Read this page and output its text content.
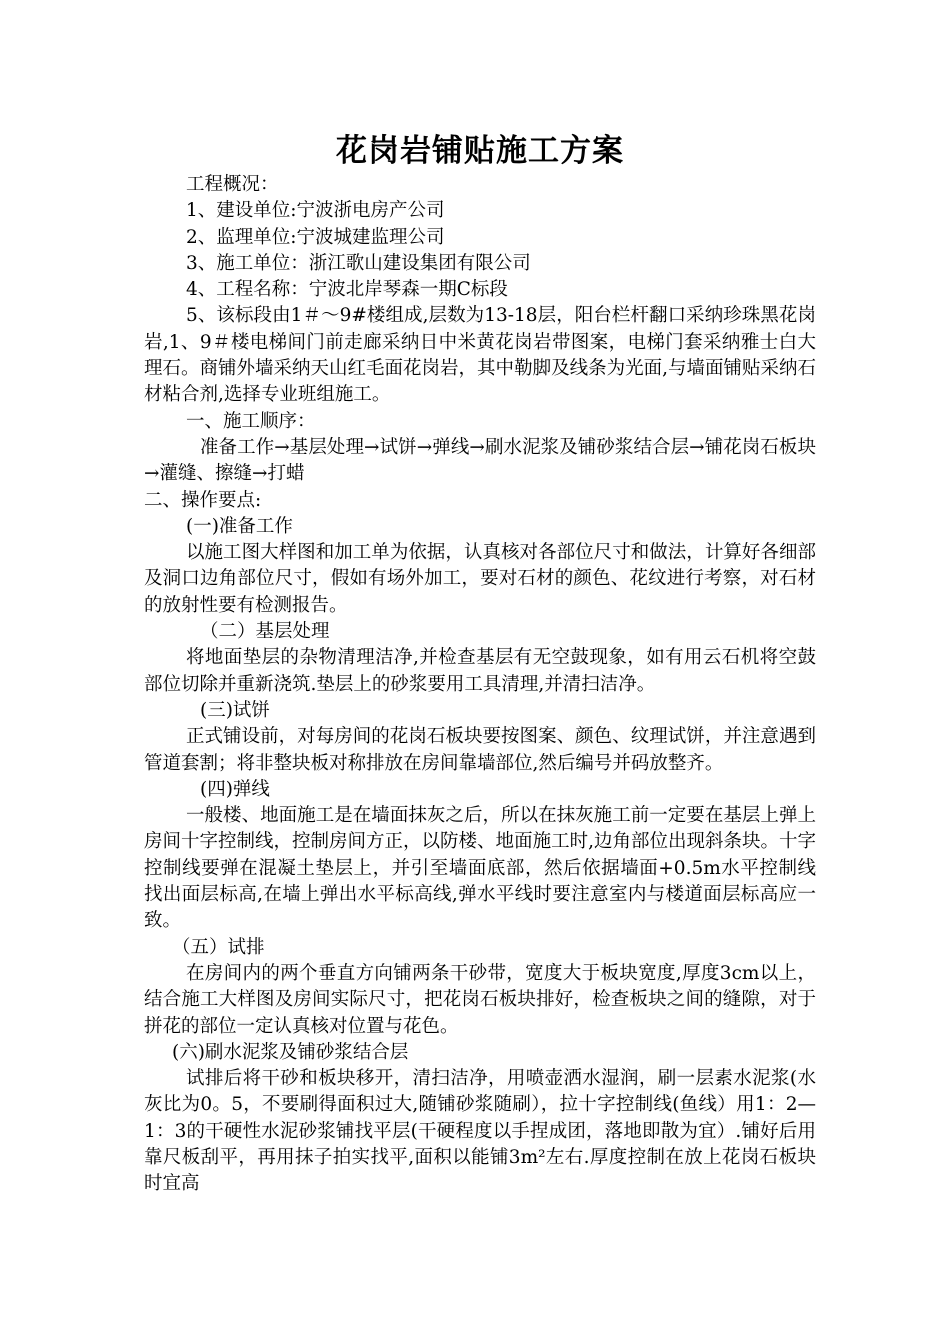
花岗岩铺贴施工方案

工程概况：

1、建设单位:宁波浙电房产公司

2、监理单位:宁波城建监理公司

3、施工单位：浙江歌山建设集团有限公司

4、工程名称：宁波北岸琴森一期C标段

5、该标段由1＃～9#楼组成,层数为13-18层，阳台栏杆翻口采纳珍珠黑花岗岩,1、9＃楼电梯间门前走廊采纳日中米黄花岗岩带图案，电梯门套采纳雅士白大理石。商铺外墙采纳天山红毛面花岗岩，其中勒脚及线条为光面,与墙面铺贴采纳石材粘合剂,选择专业班组施工。

一、施工顺序：

准备工作→基层处理→试饼→弹线→刷水泥浆及铺砂浆结合层→铺花岗石板块→灌缝、擦缝→打蜡

二、操作要点:

(一)准备工作

以施工图大样图和加工单为依据，认真核对各部位尺寸和做法，计算好各细部及洞口边角部位尺寸，假如有场外加工，要对石材的颜色、花纹进行考察，对石材的放射性要有检测报告。

（二）基层处理

将地面垫层的杂物清理洁净,并检查基层有无空鼓现象，如有用云石机将空鼓部位切除并重新浇筑.垫层上的砂浆要用工具清理,并清扫洁净。

(三)试饼

正式铺设前，对每房间的花岗石板块要按图案、颜色、纹理试饼，并注意遇到管道套割；将非整块板对称排放在房间靠墙部位,然后编号并码放整齐。

(四)弹线

一般楼、地面施工是在墙面抹灰之后，所以在抹灰施工前一定要在基层上弹上房间十字控制线，控制房间方正，以防楼、地面施工时,边角部位出现斜条块。十字控制线要弹在混凝土垫层上，并引至墙面底部，然后依据墙面+0.5m水平控制线找出面层标高,在墙上弹出水平标高线,弹水平线时要注意室内与楼道面层标高应一致。

（五）试排

在房间内的两个垂直方向铺两条干砂带，宽度大于板块宽度,厚度3cm以上，结合施工大样图及房间实际尺寸，把花岗石板块排好，检查板块之间的缝隙，对于拼花的部位一定认真核对位置与花色。

(六)刷水泥浆及铺砂浆结合层

试排后将干砂和板块移开，清扫洁净，用喷壶洒水湿润，刷一层素水泥浆(水灰比为0。5，不要刷得面积过大,随铺砂浆随刷），拉十字控制线(鱼线）用1：2—1：3的干硬性水泥砂浆铺找平层(干硬程度以手捏成团，落地即散为宜）.铺好后用靠尺板刮平，再用抹子拍实找平,面积以能铺3m²左右.厚度控制在放上花岗石板块时宜高
